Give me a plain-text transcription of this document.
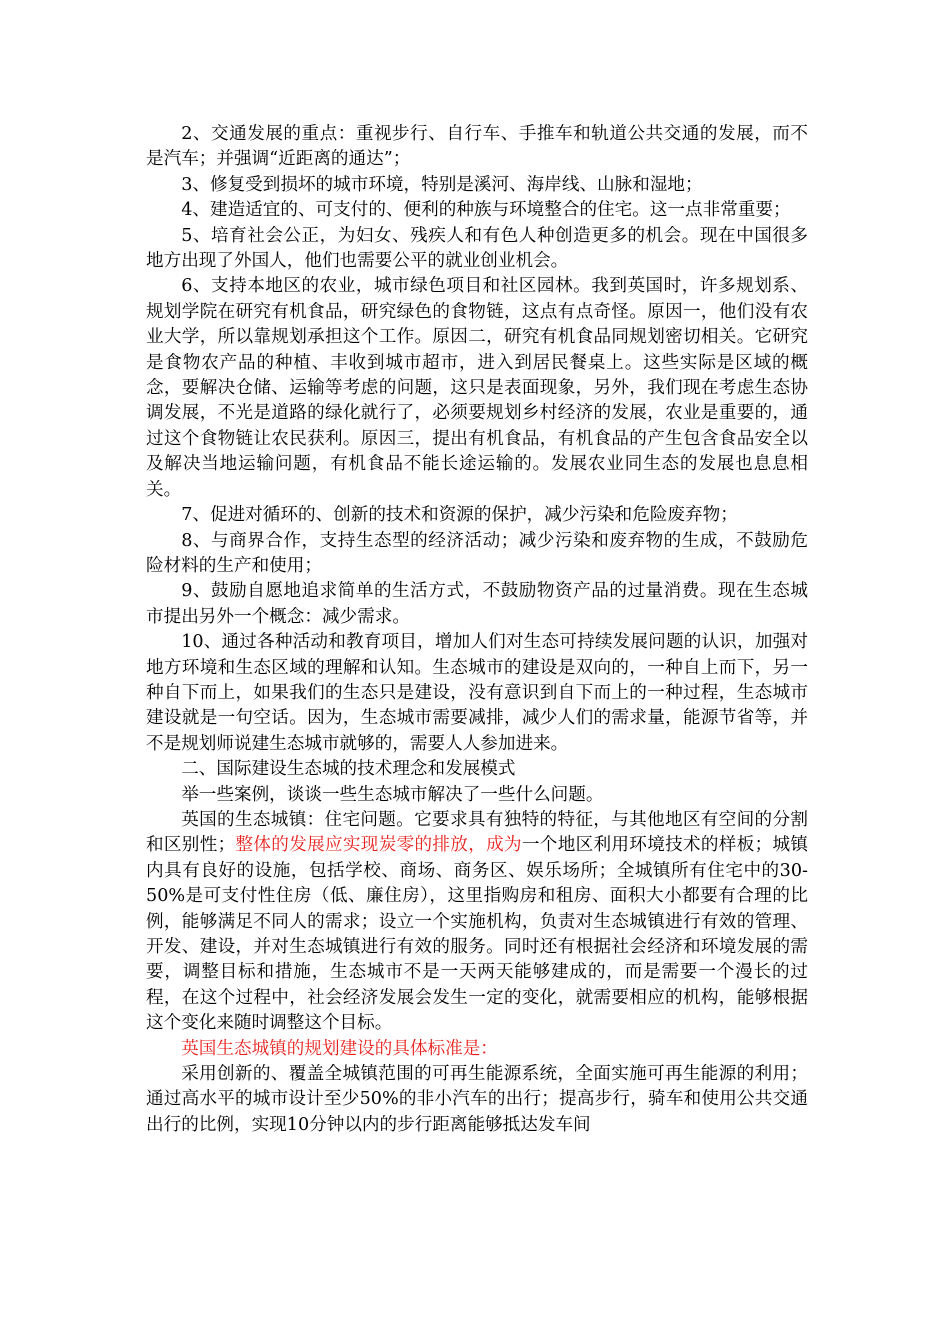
2、交通发展的重点：重视步行、自行车、手推车和轨道公共交通的发展，而不是汽车；并强调“近距离的通达”；

3、修复受到损坏的城市环境，特别是溪河、海岸线、山脉和湿地；

4、建造适宜的、可支付的、便利的种族与环境整合的住宅。这一点非常重要；

5、培育社会公正，为妇女、残疾人和有色人种创造更多的机会。现在中国很多地方出现了外国人，他们也需要公平的就业创业机会。

6、支持本地区的农业，城市绿色项目和社区园林。我到英国时，许多规划系、规划学院在研究有机食品，研究绿色的食物链，这点有点奇怪。原因一，他们没有农业大学，所以靠规划承担这个工作。原因二，研究有机食品同规划密切相关。它研究是食物农产品的种植、丰收到城市超市，进入到居民餐桌上。这些实际是区域的概念，要解决仓储、运输等考虑的问题，这只是表面现象，另外，我们现在考虑生态协调发展，不光是道路的绿化就行了，必须要规划乡村经济的发展，农业是重要的，通过这个食物链让农民获利。原因三，提出有机食品，有机食品的产生包含食品安全以及解决当地运输问题，有机食品不能长途运输的。发展农业同生态的发展也息息相关。

7、促进对循环的、创新的技术和资源的保护，减少污染和危险废弃物；

8、与商界合作，支持生态型的经济活动；减少污染和废弃物的生成，不鼓励危险材料的生产和使用；

9、鼓励自愿地追求简单的生活方式，不鼓励物资产品的过量消费。现在生态城市提出另外一个概念：减少需求。

10、通过各种活动和教育项目，增加人们对生态可持续发展问题的认识，加强对地方环境和生态区域的理解和认知。生态城市的建设是双向的，一种自上而下，另一种自下而上，如果我们的生态只是建设，没有意识到自下而上的一种过程，生态城市建设就是一句空话。因为，生态城市需要减排，减少人们的需求量，能源节省等，并不是规划师说建生态城市就够的，需要人人参加进来。

二、国际建设生态城的技术理念和发展模式

举一些案例，谈谈一些生态城市解决了一些什么问题。

英国的生态城镇：住宅问题。它要求具有独特的特征，与其他地区有空间的分割和区别性；整体的发展应实现炭零的排放，成为一个地区利用环境技术的样板；城镇内具有良好的设施，包括学校、商场、商务区、娱乐场所；全城镇所有住宅中的30-50%是可支付性住房（低、廉住房），这里指购房和租房、面积大小都要有合理的比例，能够满足不同人的需求；设立一个实施机构，负责对生态城镇进行有效的管理、开发、建设，并对生态城镇进行有效的服务。同时还有根据社会经济和环境发展的需要，调整目标和措施，生态城市不是一天两天能够建成的，而是需要一个漫长的过程，在这个过程中，社会经济发展会发生一定的变化，就需要相应的机构，能够根据这个变化来随时调整这个目标。

英国生态城镇的规划建设的具体标准是：

采用创新的、覆盖全城镇范围的可再生能源系统，全面实施可再生能源的利用；通过高水平的城市设计至少50%的非小汽车的出行；提高步行，骑车和使用公共交通出行的比例，实现10分钟以内的步行距离能够抵达发车间
